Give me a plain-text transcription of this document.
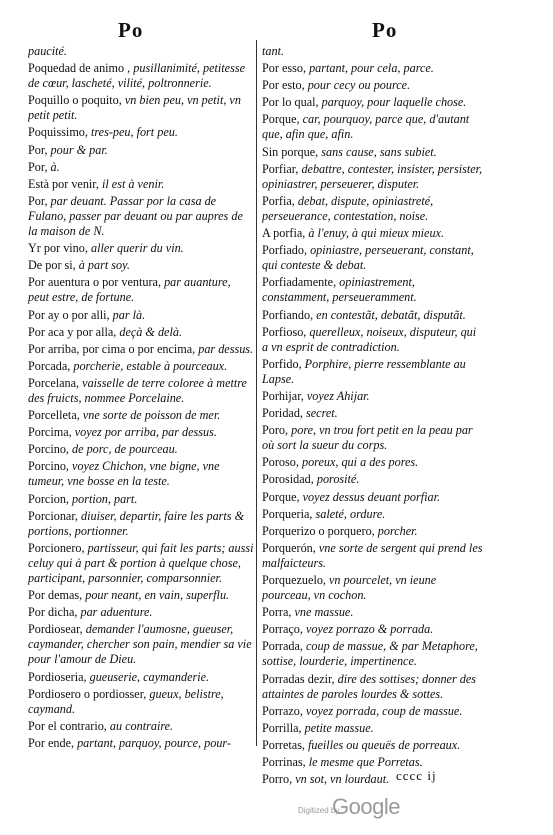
Po	Po
paucité.
Poquedad de animo , pusillanimité, petitesse de cœur, lascheté, vilité, poltronnerie.
Poquillo o poquito, vn bien peu, vn petit, vn petit petit.
Poquissimo, tres-peu, fort peu.
Por, pour & par.
Por, à.
Està por venir, il est à venir.
Por, par deuant. Passar por la casa de Fulano, passer par deuant ou par aupres de la maison de N.
Yr por vino, aller querir du vin.
De por si, à part soy.
Por auentura o por ventura, par auanture, peut estre, de fortune.
Por ay o por alli, par là.
Por aca y por alla, deçà & delà.
Por arriba, por cima o por encima, par dessus.
Porcada, porcherie, estable à pourceaux.
Porcelana, vaisselle de terre coloree à mettre des fruicts, nommee Porcelaine.
Porcelleta, vne sorte de poisson de mer.
Porcima, voyez por arriba, par dessus.
Porcino, de porc, de pourceau.
Porcino, voyez Chichon, vne bigne, vne tumeur, vne bosse en la teste.
Porcion, portion, part.
Porcionar, diuiser, departir, faire les parts & portions, portionner.
Porcionero, partisseur, qui fait les parts; aussi celuy qui à part & portion à quelque chose, participant, parsonnier, comparsonnier.
Por demas, pour neant, en vain, superflu.
Por dicha, par aduenture.
Pordiosear, demander l'aumosne, gueuser, caymander, chercher son pain, mendier sa vie pour l'amour de Dieu.
Pordioseria, gueuserie, caymanderie.
Pordiosero o pordiosser, gueux, belistre, caymand.
Por el contrario, au contraire.
Por ende, partant, parquoy, pource, pour-
tant.
Por esso, partant, pour cela, parce.
Por esto, pour cecy ou pource.
Por lo qual, parquoy, pour laquelle chose.
Porque, car, pourquoy, parce que, d'autant que, afin que, afin.
Sin porque, sans cause, sans subiet.
Porfiar, debattre, contester, insister, persister, opiniastrer, perseuerer, disputer.
Porfia, debat, dispute, opiniastreté, perseuerance, contestation, noise.
A porfia, à l'enuy, à qui mieux mieux.
Porfiado, opiniastre, perseuerant, constant, qui conteste & debat.
Porfiadamente, opiniastrement, constamment, perseueramment.
Porfiando, en contestãt, debatãt, disputãt.
Porfioso, querelleux, noiseux, disputeur, qui a vn esprit de contradiction.
Porfido, Porphire, pierre ressemblante au Lapse.
Porhijar, voyez Ahijar.
Poridad, secret.
Poro, pore, vn trou fort petit en la peau par où sort la sueur du corps.
Poroso, poreux, qui a des pores.
Porosidad, porosité.
Porque, voyez dessus deuant porfiar.
Porqueria, saleté, ordure.
Porquerizo o porquero, porcher.
Porquerón, vne sorte de sergent qui prend les malfaicteurs.
Porquezuelo, vn pourcelet, vn ieune pourceau, vn cochon.
Porra, vne massue.
Porraço, voyez porrazo & porrada.
Porrada, coup de massue, & par Metaphore, sottise, lourderie, impertinence.
Porradas dezir, dire des sottises; donner des attaintes de paroles lourdes & sottes.
Porrazo, voyez porrada, coup de massue.
Porrilla, petite massue.
Porretas, fueilles ou queuës de porreaux.
Porrinas, le mesme que Porretas.
Porro, vn sot, vn lourdaut. cccc ij
Digitized by
Google
